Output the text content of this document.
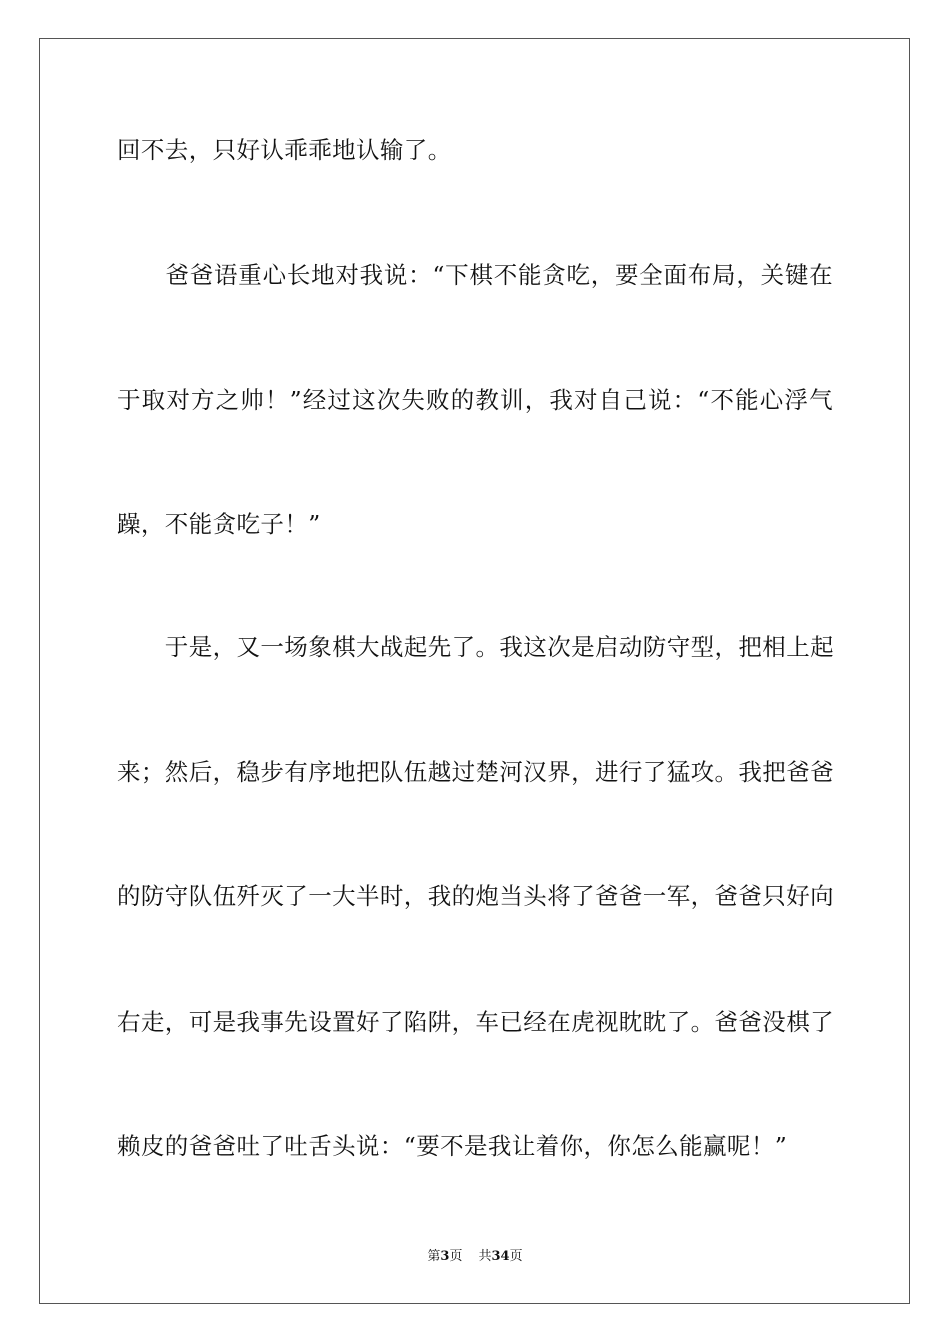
回不去，只好认乖乖地认输了。
　　爸爸语重心长地对我说：“下棋不能贪吃，要全面布局，关键在
于取对方之帅！”经过这次失败的教训，我对自己说：“不能心浮气
躁，不能贪吃子！”
　　于是，又一场象棋大战起先了。我这次是启动防守型，把相上起
来；然后，稳步有序地把队伍越过楚河汉界，进行了猛攻。我把爸爸
的防守队伍歼灭了一大半时，我的炮当头将了爸爸一军，爸爸只好向
右走，可是我事先设置好了陷阱，车已经在虎视眈眈了。爸爸没棋了
赖皮的爸爸吐了吐舌头说：“要不是我让着你，你怎么能赢呢！”
第3页 共34页
